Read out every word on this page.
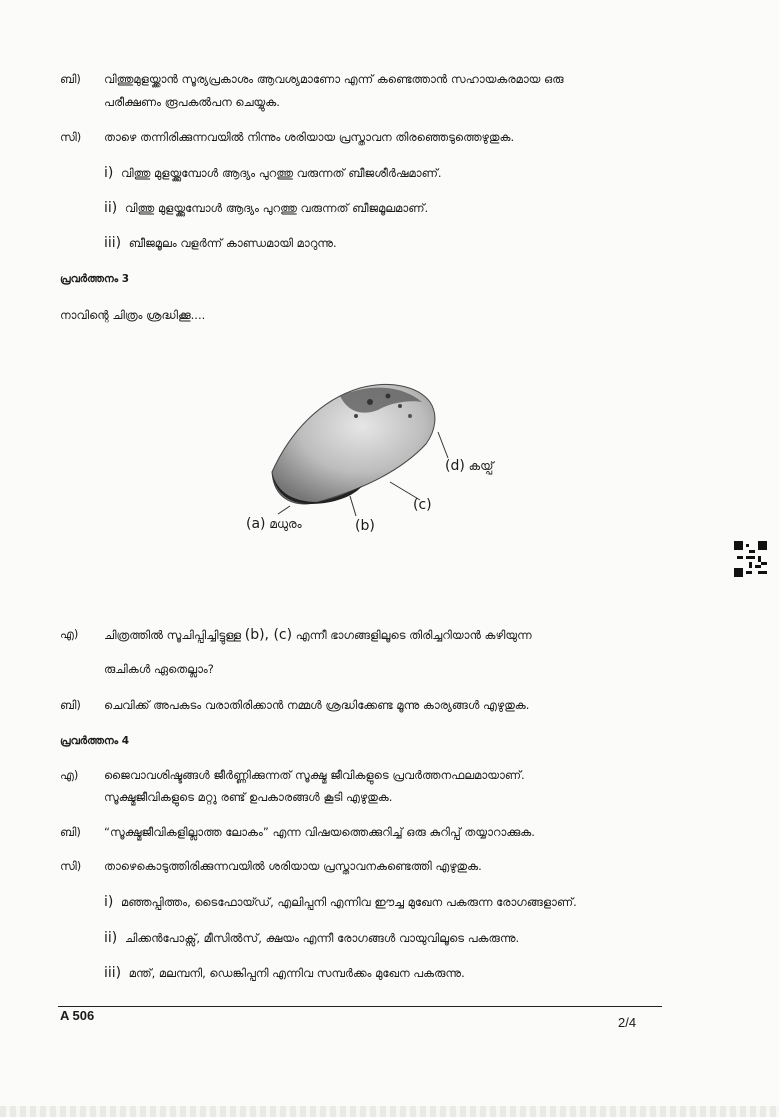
ബി) വിത്തുമുളയ്ക്കാൻ സൂര്യപ്രകാശം ആവശ്യമാണോ എന്ന് കണ്ടെത്താൻ സഹായകരമായ ഒരു
പരീക്ഷണം രൂപകൽപന ചെയ്യുക.
സി) താഴെ തന്നിരിക്കുന്നവയിൽ നിന്നും ശരിയായ പ്രസ്താവന തിരഞ്ഞെടുത്തെഴുതുക.
i) വിത്തു മുളയ്ക്കുമ്പോൾ ആദ്യം പുറത്തു വരുന്നത് ബീജശീർഷമാണ്.
ii) വിത്തു മുളയ്ക്കുമ്പോൾ ആദ്യം പുറത്തു വരുന്നത് ബീജമൂലമാണ്.
iii) ബീജമൂലം വളർന്ന് കാണ്ഡമായി മാറുന്നു.
പ്രവർത്തനം 3
നാവിന്റെ ചിത്രം ശ്രദ്ധിക്കൂ....
(d) കയ്പ്
(c)
(b)
(a) മധുരം
എ) ചിത്രത്തിൽ സൂചിപ്പിച്ചിട്ടുള്ള (b), (c) എന്നീ ഭാഗങ്ങളിലൂടെ തിരിച്ചറിയാൻ കഴിയുന്ന
രുചികൾ ഏതെല്ലാം?
ബി) ചെവിക്ക് അപകടം വരാതിരിക്കാൻ നമ്മൾ ശ്രദ്ധിക്കേണ്ട മൂന്നു കാര്യങ്ങൾ എഴുതുക.
പ്രവർത്തനം 4
എ) ജൈവാവശിഷ്ടങ്ങൾ ജീർണ്ണിക്കുന്നത് സൂക്ഷ്മ ജീവികളുടെ പ്രവർത്തനഫലമായാണ്.
സൂക്ഷ്മജീവികളുടെ മറ്റു രണ്ട് ഉപകാരങ്ങൾ കൂടി എഴുതുക.
ബി) “സൂക്ഷ്മജീവികളില്ലാത്ത ലോകം” എന്ന വിഷയത്തെക്കുറിച്ച് ഒരു കുറിപ്പ് തയ്യാറാക്കുക.
സി) താഴെകൊടുത്തിരിക്കുന്നവയിൽ ശരിയായ പ്രസ്താവനകണ്ടെത്തി എഴുതുക.
i) മഞ്ഞപ്പിത്തം, ടൈഫോയ്ഡ്, എലിപ്പനി എന്നിവ ഈച്ച മുഖേന പകരുന്ന രോഗങ്ങളാണ്.
ii) ചിക്കൻപോക്സ്, മീസിൽസ്, ക്ഷയം എന്നീ രോഗങ്ങൾ വായുവിലൂടെ പകരുന്നു.
iii) മന്ത്, മലമ്പനി, ഡെങ്കിപ്പനി എന്നിവ സമ്പർക്കം മുഖേന പകരുന്നു.
A 506	2/4
